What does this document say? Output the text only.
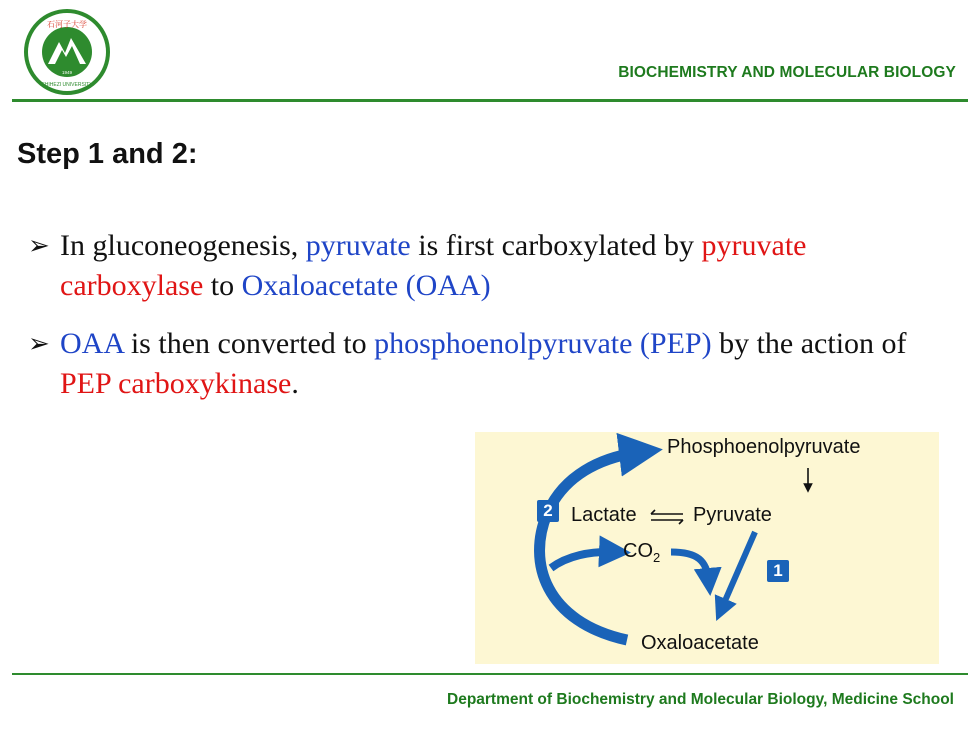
石河子大学
1949
SHIHEZI UNIVERSITY
BIOCHEMISTRY AND MOLECULAR BIOLOGY
Step 1 and 2:
➢ In gluconeogenesis, pyruvate is first carboxylated by pyruvate carboxylase to Oxaloacetate (OAA)
➢ OAA is then converted to phosphoenolpyruvate (PEP) by the action of PEP carboxykinase.
Phosphoenolpyruvate
Lactate	Pyruvate
$CO_2$
Oxaloacetate
2
1
Department of Biochemistry and Molecular Biology, Medicine School
